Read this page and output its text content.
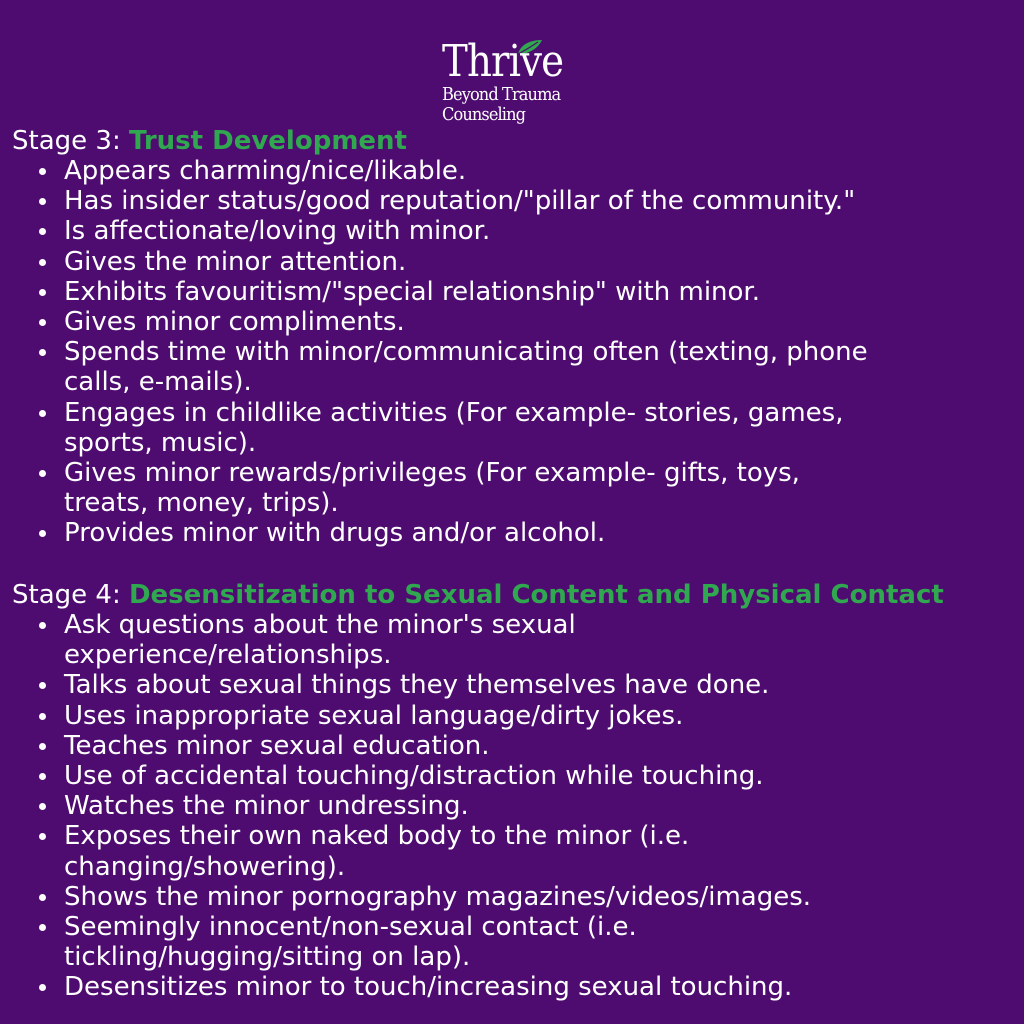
Thrive
Beyond Trauma
Counseling
Stage 3: Trust Development
Appears charming/nice/likable.
Has insider status/good reputation/"pillar of the community."
Is affectionate/loving with minor.
Gives the minor attention.
Exhibits favouritism/"special relationship" with minor.
Gives minor compliments.
Spends time with minor/communicating often (texting, phone
calls, e-mails).
Engages in childlike activities (For example- stories, games,
sports, music).
Gives minor rewards/privileges (For example- gifts, toys,
treats, money, trips).
Provides minor with drugs and/or alcohol.
Stage 4: Desensitization to Sexual Content and Physical Contact
Ask questions about the minor's sexual
experience/relationships.
Talks about sexual things they themselves have done.
Uses inappropriate sexual language/dirty jokes.
Teaches minor sexual education.
Use of accidental touching/distraction while touching.
Watches the minor undressing.
Exposes their own naked body to the minor (i.e.
changing/showering).
Shows the minor pornography magazines/videos/images.
Seemingly innocent/non-sexual contact (i.e.
tickling/hugging/sitting on lap).
Desensitizes minor to touch/increasing sexual touching.
